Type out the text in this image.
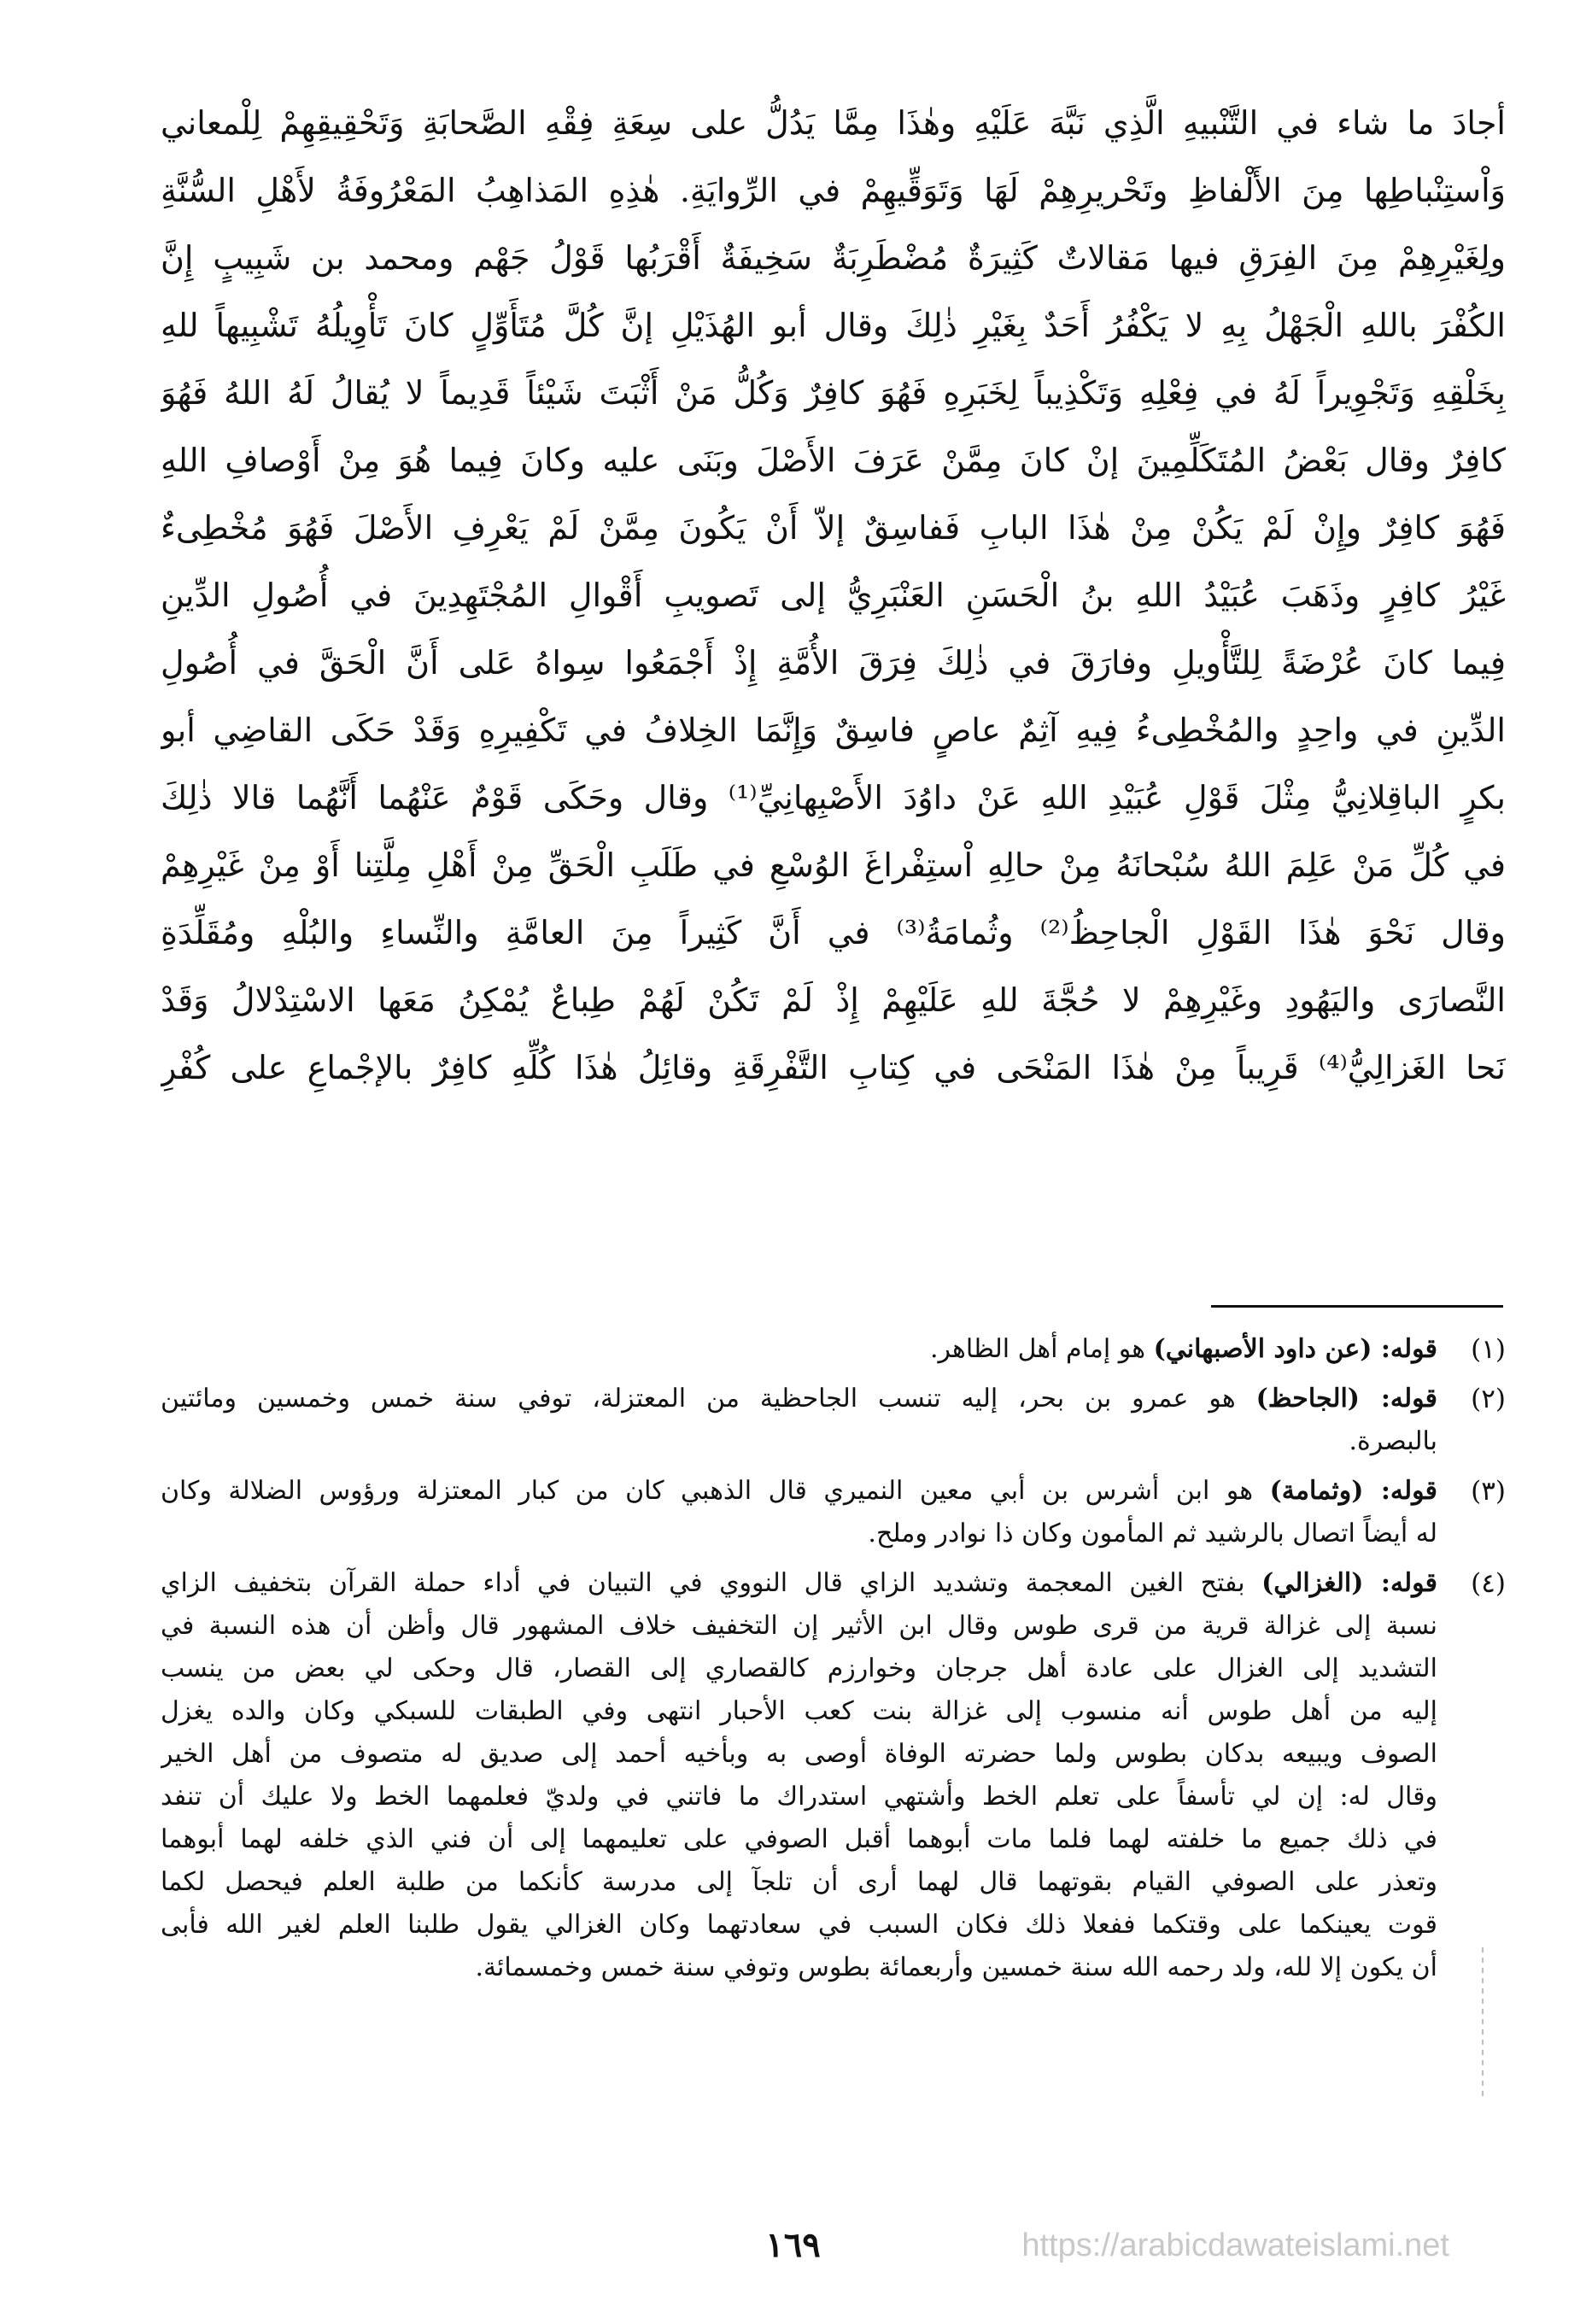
أجادَ ما شاء في التَّنْبيهِ الَّذِي نَبَّهَ عَلَيْهِ وهٰذَا مِمَّا يَدُلُّ على سِعَةِ فِقْهِ الصَّحابَةِ وَتَحْقِيقِهِمْ لِلْمعاني
وَاْستِنْباطِها مِنَ الأَلْفاظِ وتَحْريرِهِمْ لَهَا وَتَوَقِّيهِمْ في الرِّوايَةِ. هٰذِهِ المَذاهِبُ المَعْرُوفَةُ لأَهْلِ السُّنَّةِ
ولِغَيْرِهِمْ مِنَ الفِرَقِ فيها مَقالاتٌ كَثِيرَةٌ مُضْطَرِبَةٌ سَخِيفَةٌ أَقْرَبُها قَوْلُ جَهْم ومحمد بن شَبِيبٍ إِنَّ
الكُفْرَ باللهِ الْجَهْلُ بِهِ لا يَكْفُرُ أَحَدٌ بِغَيْرِ ذٰلِكَ وقال أبو الهُذَيْلِ إنَّ كُلَّ مُتَأَوِّلٍ كانَ تَأْوِيلُهُ تَشْبِيهاً للهِ
بِخَلْقِهِ وَتَجْوِيراً لَهُ في فِعْلِهِ وَتَكْذِيباً لِخَبَرِهِ فَهُوَ كافِرٌ وَكُلُّ مَنْ أَثْبَتَ شَيْئاً قَدِيماً لا يُقالُ لَهُ اللهُ فَهُوَ
كافِرٌ وقال بَعْضُ المُتَكَلِّمِينَ إنْ كانَ مِمَّنْ عَرَفَ الأَصْلَ وبَنَى عليه وكانَ فِيما هُوَ مِنْ أَوْصافِ اللهِ
فَهُوَ كافِرٌ وإِنْ لَمْ يَكُنْ مِنْ هٰذَا البابِ فَفاسِقٌ إلاّ أَنْ يَكُونَ مِمَّنْ لَمْ يَعْرِفِ الأَصْلَ فَهُوَ مُخْطِىءٌ
غَيْرُ كافِرٍ وذَهَبَ عُبَيْدُ اللهِ بنُ الْحَسَنِ العَنْبَرِيُّ إلى تَصويبِ أَقْوالِ المُجْتَهِدِينَ في أُصُولِ الدِّينِ
فِيما كانَ عُرْضَةً لِلتَّأْويلِ وفارَقَ في ذٰلِكَ فِرَقَ الأُمَّةِ إِذْ أَجْمَعُوا سِواهُ عَلى أَنَّ الْحَقَّ في أُصُولِ
الدِّينِ في واحِدٍ والمُخْطِىءُ فِيهِ آثِمٌ عاصٍ فاسِقٌ وَإِنَّمَا الخِلافُ في تَكْفِيرِهِ وَقَدْ حَكَى القاضِي أبو
بكرٍ الباقِلانِيُّ مِثْلَ قَوْلِ عُبَيْدِ اللهِ عَنْ داوُدَ الأَصْبِهانِيِّ⁽¹⁾ وقال وحَكَى قَوْمٌ عَنْهُما أَنَّهُما قالا ذٰلِكَ
في كُلِّ مَنْ عَلِمَ اللهُ سُبْحانَهُ مِنْ حالِهِ اْستِفْراغَ الوُسْعِ في طَلَبِ الْحَقِّ مِنْ أَهْلِ مِلَّتِنا أَوْ مِنْ غَيْرِهِمْ
وقال نَحْوَ هٰذَا القَوْلِ الْجاحِظُ⁽²⁾ وثُمامَةُ⁽³⁾ في أَنَّ كَثِيراً مِنَ العامَّةِ والنِّساءِ والبُلْهِ ومُقَلِّدَةِ
النَّصارَى واليَهُودِ وغَيْرِهِمْ لا حُجَّةَ للهِ عَلَيْهِمْ إِذْ لَمْ تَكُنْ لَهُمْ طِباعٌ يُمْكِنُ مَعَها الاسْتِدْلالُ وَقَدْ
نَحا الغَزالِيُّ⁽⁴⁾ قَرِيباً مِنْ هٰذَا المَنْحَى في كِتابِ التَّفْرِقَةِ وقائِلُ هٰذَا كُلِّهِ كافِرٌ بالإجْماعِ على كُفْرِ
(١)
قوله: (عن داود الأصبهاني) هو إمام أهل الظاهر.
(٢)
قوله: (الجاحظ) هو عمرو بن بحر، إليه تنسب الجاحظية من المعتزلة، توفي سنة خمس وخمسين ومائتين
بالبصرة.
(٣)
قوله: (وثمامة) هو ابن أشرس بن أبي معين النميري قال الذهبي كان من كبار المعتزلة ورؤوس الضلالة وكان
له أيضاً اتصال بالرشيد ثم المأمون وكان ذا نوادر وملح.
(٤)
قوله: (الغزالي) بفتح الغين المعجمة وتشديد الزاي قال النووي في التبيان في أداء حملة القرآن بتخفيف الزاي
نسبة إلى غزالة قرية من قرى طوس وقال ابن الأثير إن التخفيف خلاف المشهور قال وأظن أن هذه النسبة في
التشديد إلى الغزال على عادة أهل جرجان وخوارزم كالقصاري إلى القصار، قال وحكى لي بعض من ينسب
إليه من أهل طوس أنه منسوب إلى غزالة بنت كعب الأحبار انتهى وفي الطبقات للسبكي وكان والده يغزل
الصوف ويبيعه بدكان بطوس ولما حضرته الوفاة أوصى به وبأخيه أحمد إلى صديق له متصوف من أهل الخير
وقال له: إن لي تأسفاً على تعلم الخط وأشتهي استدراك ما فاتني في ولديّ فعلمهما الخط ولا عليك أن تنفد
في ذلك جميع ما خلفته لهما فلما مات أبوهما أقبل الصوفي على تعليمهما إلى أن فني الذي خلفه لهما أبوهما
وتعذر على الصوفي القيام بقوتهما قال لهما أرى أن تلجآ إلى مدرسة كأنكما من طلبة العلم فيحصل لكما
قوت يعينكما على وقتكما ففعلا ذلك فكان السبب في سعادتهما وكان الغزالي يقول طلبنا العلم لغير الله فأبى
أن يكون إلا لله، ولد رحمه الله سنة خمسين وأربعمائة بطوس وتوفي سنة خمس وخمسمائة.
١٦٩	https://arabicdawateislami.net
